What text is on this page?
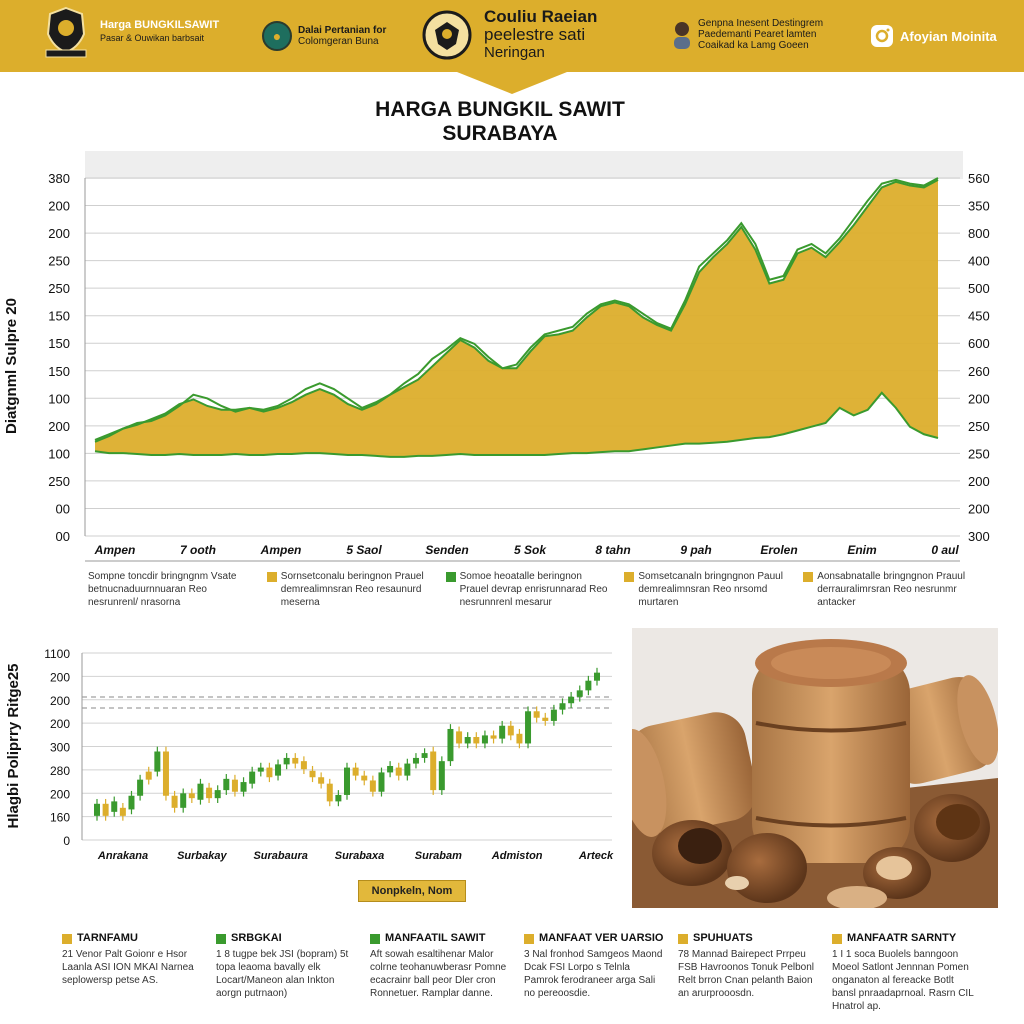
Harga BUNGKILSAWIT
Pasar & Ouwikan barbsait	●	Dalai Pertanian for
Colomgeran Buna
Couliu Raeian
peelestre sati
Neringan
Genpna Inesent Destingrem
Paedemanti Pearet lamten
Coaikad ka Lamg Goeen
Afoyian Moinita
HARGA BUNGKIL SAWIT
SURABAYA
380
200
200
250
250
150
150
150
100
200
100
250
00
00
560
350
800
400
500
450
600
260
200
250
250
200
200
300
Ampen	7 ooth	Ampen	5 Saol	Senden	5 Sok	8 tahn	9 pah	Erolen	Enim	0 aul
Diatgnml Sulpre 20
Sompne toncdir bringngnm Vsate betnucnaduurnnuaran Reo nesrunrenl/ nrasorna
Sornsetconalu beringnon Prauel demrealimnsran Reo resaunurd meserna
Somoe heoatalle beringnon Prauel devrap enrisrunnarad Reo nesrunnrenl mesarur
Somsetcanaln bringngnon Pauul demrealimnsran Reo nrsomd murtaren
Aonsabnatalle bringngnon Prauul derrauralimrsran Reo nesrunmr antacker
1100
200
200
200
300
280
200
160
0
Anrakana	Surbakay Surabaura Surabaxa	Surabam	Admiston	Arteck
Hlagbi Poliprry Ritge25
Nonpkeln, Nom
TARNFAMU
21 Venor Palt Goionr e Hsor Laanla ASI ION MKAI Narnea seplowersp petse AS.
SRBGKAI
1 8 tugpe bek JSI (bopram) 5t topa leaoma bavally elk Locart/Maneon alan Inkton aorgn putrnaon)
MANFAATIL SAWIT
Aft sowah esaltihenar Malor colrne teohanuwberasr Pomne ecacrainr ball peor Dler cron Ronnetuer. Ramplar danne.
MANFAAT VER UARSIO
3 Nal fronhod Samgeos Maond Dcak FSI Lorpo s Telnla Pamrok ferodraneer arga Sali no pereoosdie.
SPUHUATS
78 Mannad Bairepect Prrpeu FSB Havroonos Tonuk Pelbonl Relt brron Cnan pelanth Baion an arurprooosdn.
MANFAATR SARNTY
1 I 1 soca Buolels banngoon Moeol Satlont Jennnan Pomen onganaton al fereacke Botlt bansl pnraadaprnoal. Rasrn CIL Hnatrol ap.
